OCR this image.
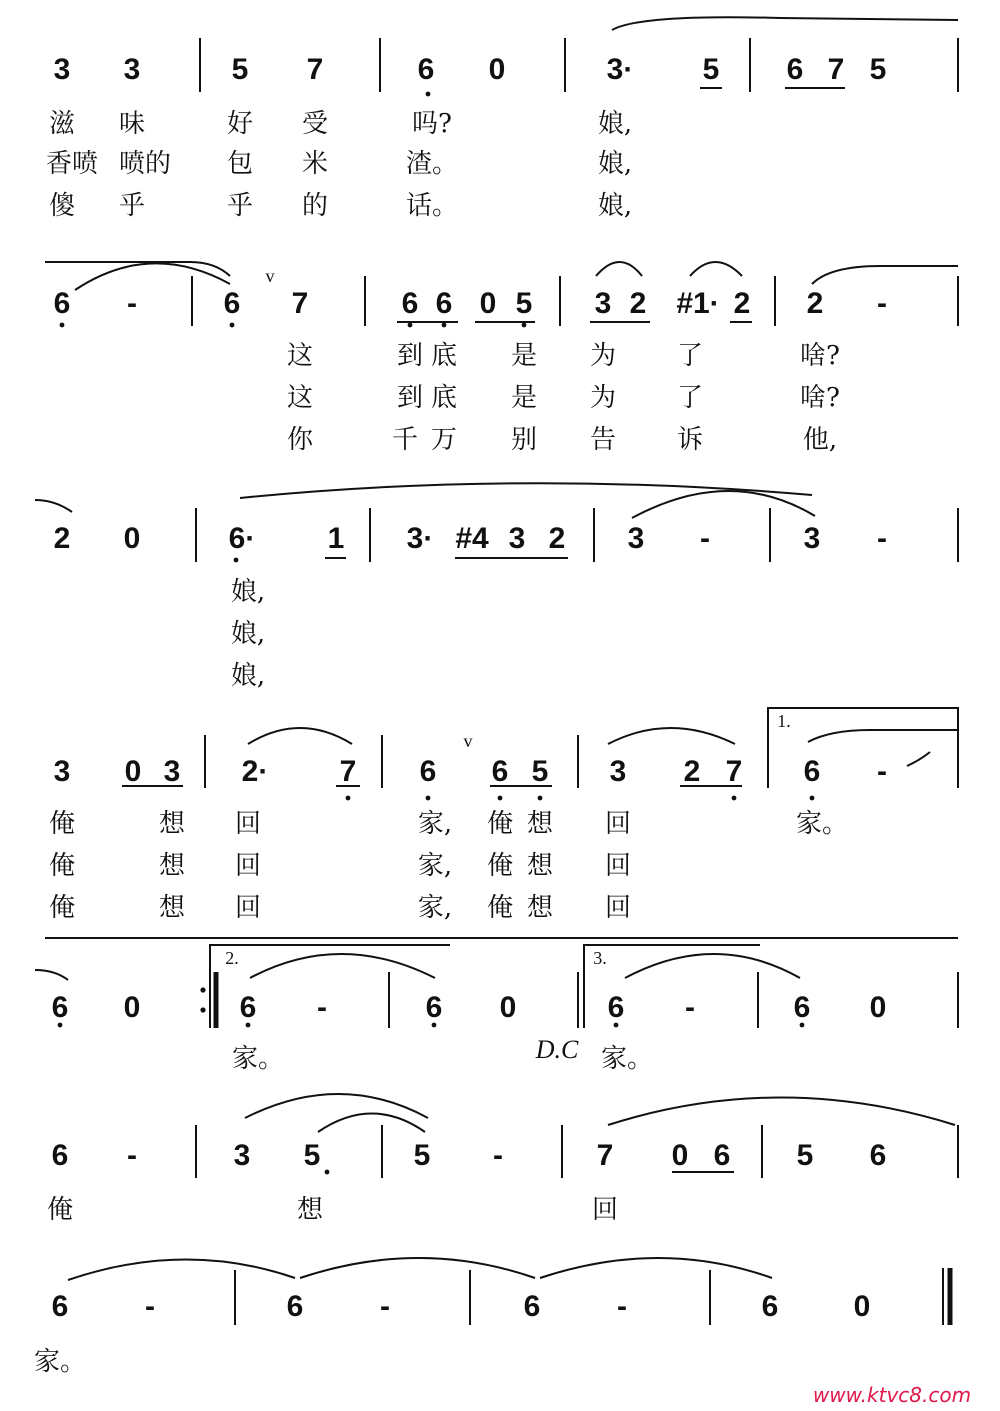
3 3	5 7	6 0	3· 5 6 7 5
6 -	6 7	6 6 0 5 3 2 #1· 2 2 -
2 0	6· 1 3· #4 3 2 3 -	3 -
3 0 3 2· 7 6 6 5 3 2 7 6 -
6 0	6 -	6 0	6 -	6 0
6 -	3 5	5 -	7 0 6 5 6
6	-	6	-	6	-	6	0
v
v
1.
2.	3.
滋 味	好 受	吗?	娘,
香喷 喷的 包 米	渣。	娘,
傻 乎	乎 的	话。	娘,
这	到 底 是 为 了	啥?
这	到 底 是 为 了	啥?
你	千 万 别 告 诉	他,
娘,
娘,
娘,
俺	想 回	家, 俺 想 回	家。
俺	想 回	家, 俺 想 回
俺	想 回	家, 俺 想 回
家。	家。
俺	想	回
家。
D.C
www.ktvc8.com
